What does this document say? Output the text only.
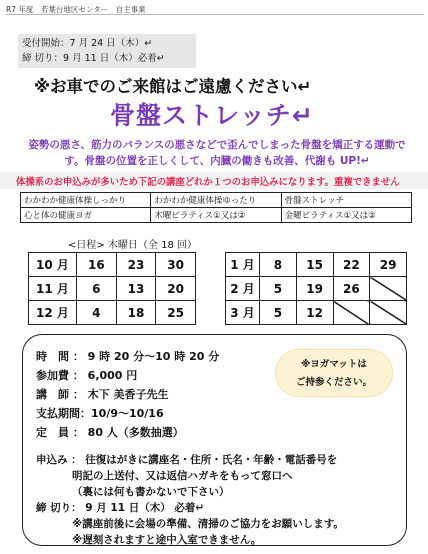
R7 年度　若葉台地区センター　自主事業
受付開始：7 月 24 日（木）↵
締 切り：9 月 11 日（木）必着↵
※お車でのご来館はご遠慮ください↵
骨盤ストレッチ↵
姿勢の悪さ、筋力のバランスの悪さなどで歪んでしまった骨盤を矯正する運動です。骨盤の位置を正しくして、内臓の働きも改善、代謝も UP!↵
体操系のお申込みが多いため下記の講座どれか１つのお申込みになります。重複できません
わかわか健康体操しっかり	わかわか健康体操ゆったり	骨盤ストレッチ
心と体の健康ヨガ	木曜ピラティス①又は②	金曜ピラティス①又は②
<日程> 木曜日（全 18 回）
10 月	16	23	30
11 月	6	13	20
12 月	4	18	25
1 月	8	15	22	29
2 月	5	19	26	
3 月	5	12		
時　間 ： 9 時 20 分～10 時 20 分
参加費 ： 6,000 円
講　師 ： 木下 美香子先生
支払期間：10/9～10/16
定　員 ： 80 人（多数抽選）
※ヨガマットは
ご持参ください。
申込み ： 往復はがきに講座名・住所・氏名・年齢・電話番号を
明記の上送付、又は返信ハガキをもって窓口へ
（裏には何も書かないで下さい）
締 切り： 9 月 11 日（木） 必着↵
※講座前後に会場の準備、清掃のご協力をお願いします。
※遅刻されますと途中入室できません。
